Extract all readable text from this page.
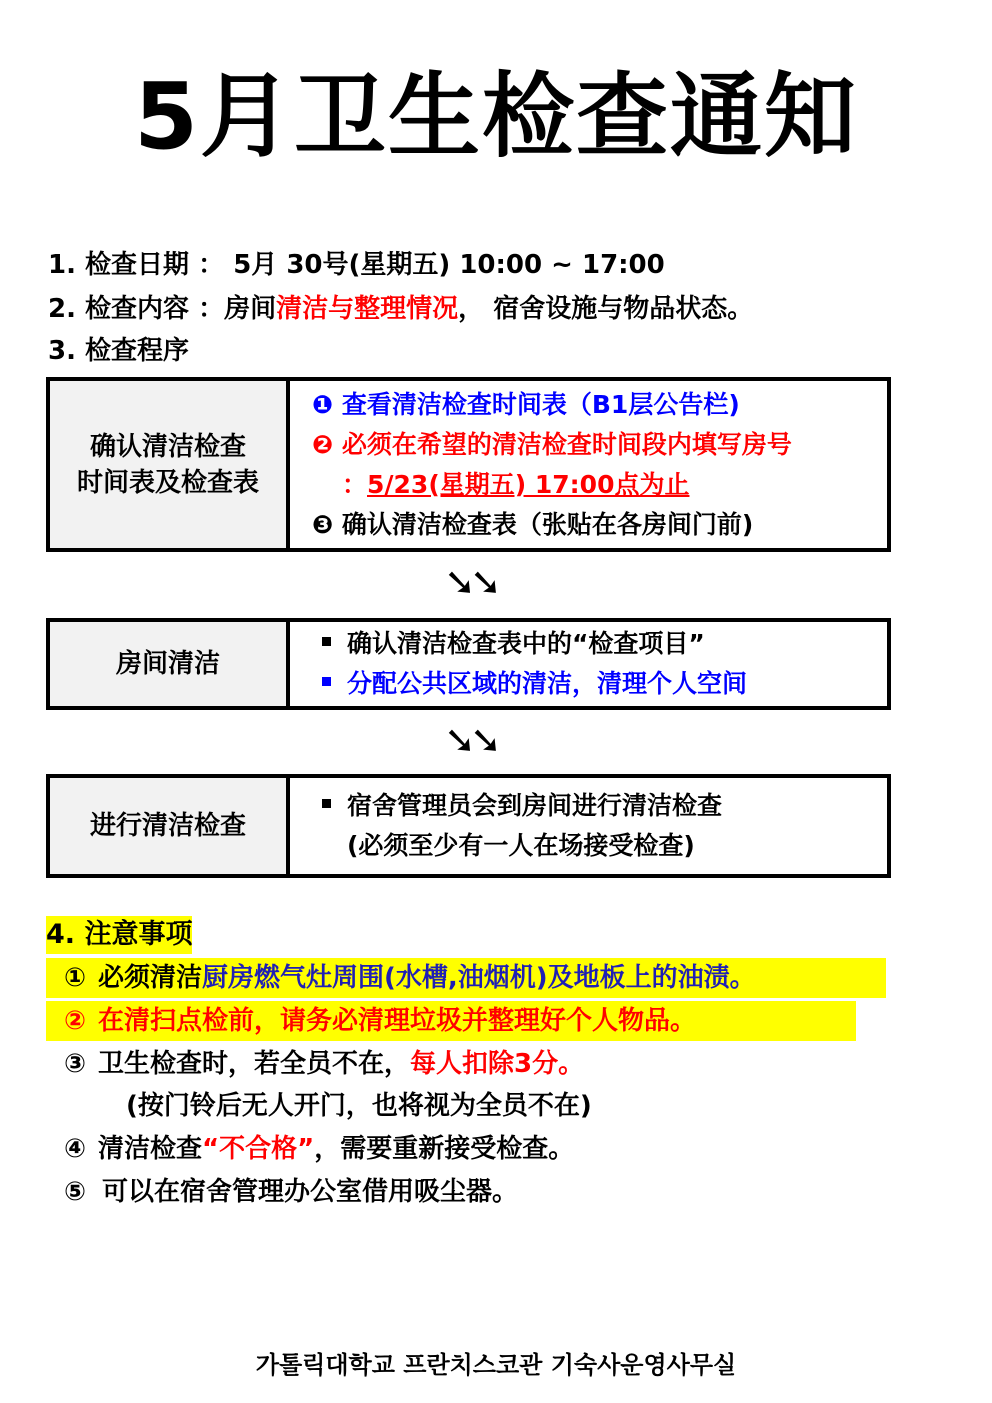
5月卫生检查通知
1. 检查日期 ： 5月 30号(星期五) 10:00 ~ 17:00
2. 检查内容 ：房间清洁与整理情况， 宿舍设施与物品状态。
3. 检查程序
确认清洁检查
时间表及检查表
❶ 查看清洁检查时间表（B1层公告栏)
❷ 必须在希望的清洁检查时间段内填写房号
：5/23(星期五) 17:00点为止
❸ 确认清洁检查表（张贴在各房间门前)
➘➘
房间清洁
确认清洁检查表中的“检查项目”
分配公共区域的清洁，清理个人空间
➘➘
进行清洁检查
宿舍管理员会到房间进行清洁检查
(必须至少有一人在场接受检查)
4. 注意事项
① 必须清洁厨房燃气灶周围(水槽,油烟机)及地板上的油渍。
② 在清扫点检前，请务必清理垃圾并整理好个人物品。
③ 卫生检查时，若全员不在，每人扣除3分。
(按门铃后无人开门，也将视为全员不在)
④ 清洁检查“不合格”，需要重新接受检查。
⑤ 可以在宿舍管理办公室借用吸尘器。
가톨릭대학교 프란치스코관 기숙사운영사무실
